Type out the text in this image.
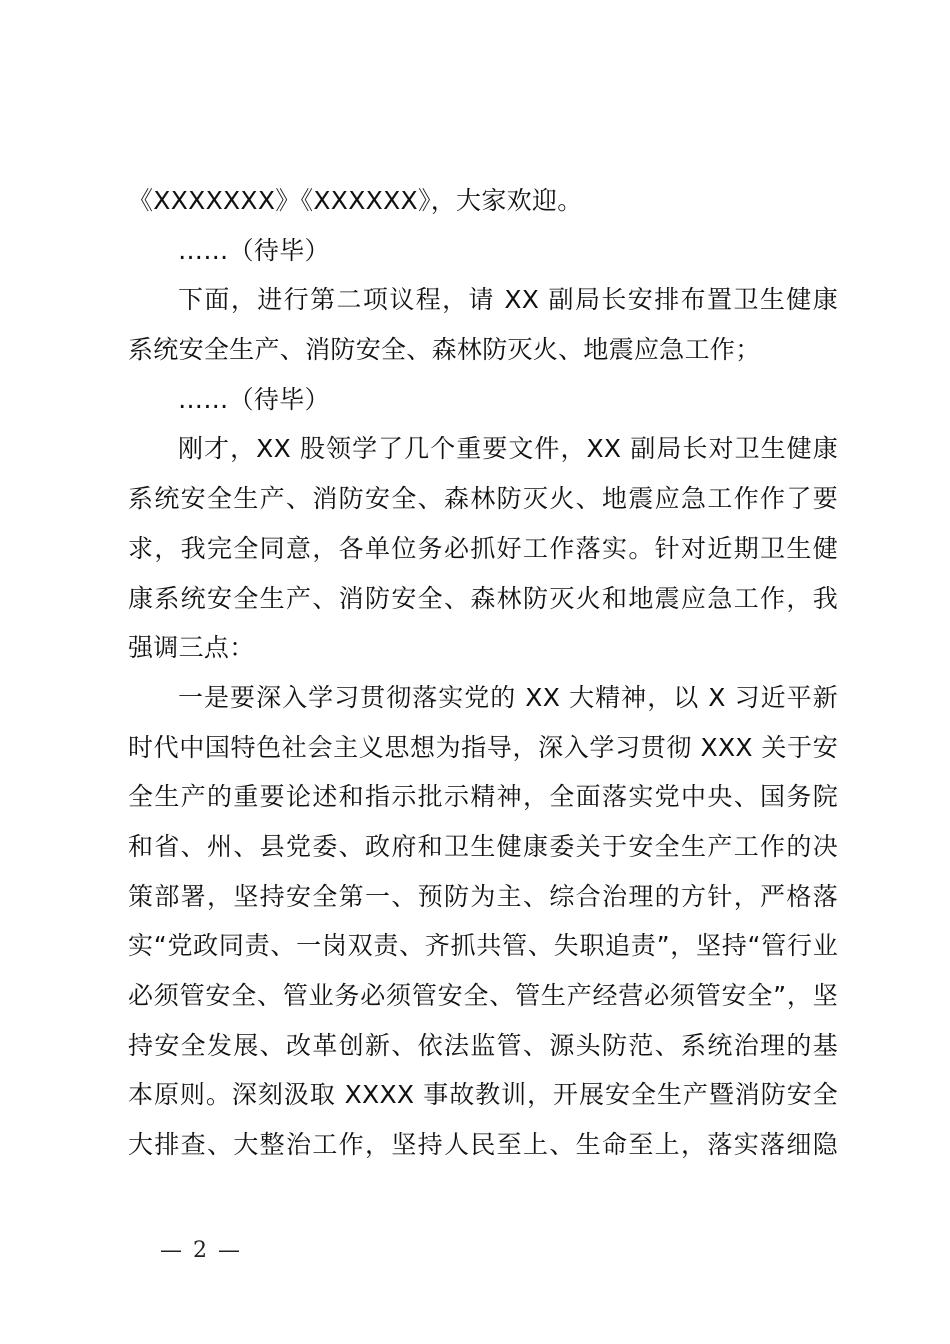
《XXXXXXX》《XXXXXX》，大家欢迎。
……（待毕）
下面，进行第二项议程，请 XX 副局长安排布置卫生健康
系统安全生产、消防安全、森林防灭火、地震应急工作；
……（待毕）
刚才，XX 股领学了几个重要文件，XX 副局长对卫生健康
系统安全生产、消防安全、森林防灭火、地震应急工作作了要
求，我完全同意，各单位务必抓好工作落实。针对近期卫生健
康系统安全生产、消防安全、森林防灭火和地震应急工作，我
强调三点：
一是要深入学习贯彻落实党的 XX 大精神，以 X 习近平新
时代中国特色社会主义思想为指导，深入学习贯彻 XXX 关于安
全生产的重要论述和指示批示精神，全面落实党中央、国务院
和省、州、县党委、政府和卫生健康委关于安全生产工作的决
策部署，坚持安全第一、预防为主、综合治理的方针，严格落
实“党政同责、一岗双责、齐抓共管、失职追责”，坚持“管行业
必须管安全、管业务必须管安全、管生产经营必须管安全”，坚
持安全发展、改革创新、依法监管、源头防范、系统治理的基
本原则。深刻汲取 XXXX 事故教训，开展安全生产暨消防安全
大排查、大整治工作，坚持人民至上、生命至上，落实落细隐
— 2 —
